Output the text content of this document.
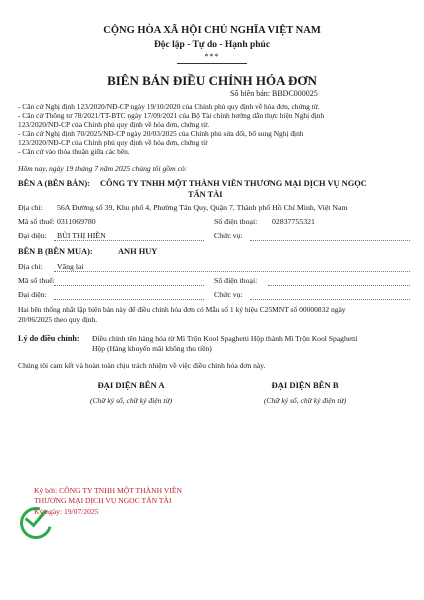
CỘNG HÒA XÃ HỘI CHỦ NGHĨA VIỆT NAM
Độc lập - Tự do - Hạnh phúc
***
BIÊN BẢN ĐIỀU CHỈNH HÓA ĐƠN
Số biên bản: BBDC000025
- Căn cứ Nghị định 123/2020/NĐ-CP ngày 19/10/2020 của Chính phủ quy định về hóa đơn, chứng từ.
- Căn cứ Thông tư 78/2021/TT-BTC ngày 17/09/2021 của Bộ Tài chính hướng dẫn thực hiện Nghị định
123/2020/NĐ-CP của Chính phủ quy định về hóa đơn, chứng từ.
- Căn cứ Nghị định 70/2025/NĐ-CP ngày 20/03/2025 của Chính phủ sửa đổi, bổ sung Nghị định
123/2020/NĐ-CP của Chính phủ quy định về hóa đơn, chứng từ
- Căn cứ vào thỏa thuận giữa các bên.
Hôm nay, ngày 19 tháng 7 năm 2025 chúng tôi gồm có:
BÊN A (BÊN BÁN): CÔNG TY TNHH MỘT THÀNH VIÊN THƯƠNG MẠI DỊCH VỤ NGỌC
TẤN TÀI
Địa chỉ: 56A Đường số 39, Khu phố 4, Phường Tân Quy, Quận 7, Thành phố Hồ Chí Minh, Việt Nam
Mã số thuế: 0311069780	Số điện thoại: 02837755321
Đại diện: BÙI THỊ HIỀN	Chức vụ:
BÊN B (BÊN MUA):	ANH HUY
Địa chỉ: Vãng lai
Mã số thuế:	Số điện thoại:
Đại diện:	Chức vụ:
Hai bên thống nhất lập biên bản này để điều chỉnh hóa đơn có Mẫu số 1 ký hiệu C25MNT số 00000832 ngày
20/06/2025 theo quy định.
Lý do điều chỉnh: Điều chỉnh tên hàng hóa từ Mì Trộn Kool Spaghetti Hộp thành Mì Trộn Kool Spaghetti
Hộp (Hàng khuyến mãi không thu tiền)
Chúng tôi cam kết và hoàn toàn chịu trách nhiệm về việc điều chỉnh hóa đơn này.
ĐẠI DIỆN BÊN A
(Chữ ký số, chữ ký điện tử)
ĐẠI DIỆN BÊN B
(Chữ ký số, chữ ký điện tử)
Ký bởi: CÔNG TY TNHH MỘT THÀNH VIÊN
THƯƠNG MẠI DỊCH VỤ NGỌC TẤN TÀI
Ký ngày: 19/07/2025
